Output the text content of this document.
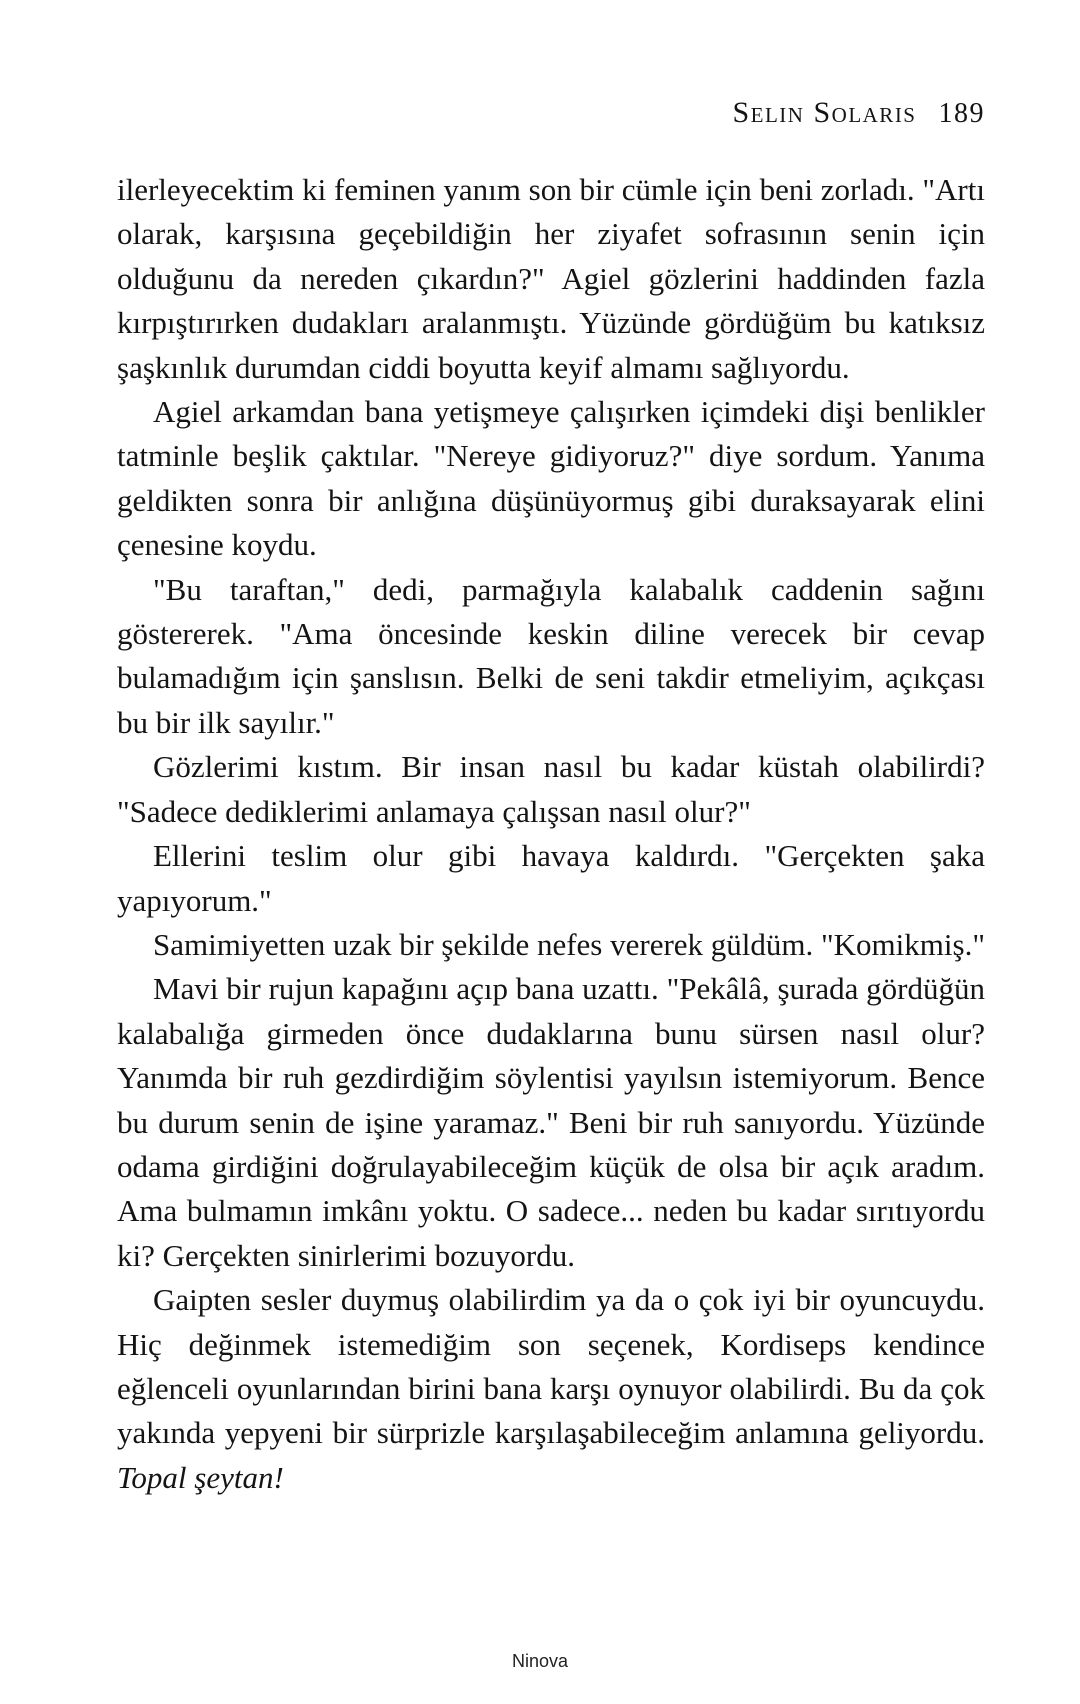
Selin Solaris 189

ilerleyecektim ki feminen yanım son bir cümle için beni zorladı. "Artı olarak, karşısına geçebildiğin her ziyafet sofrasının senin için olduğunu da nereden çıkardın?" Agiel gözlerini haddinden fazla kırpıştırırken dudakları aralanmıştı. Yüzünde gördüğüm bu katıksız şaşkınlık durumdan ciddi boyutta keyif almamı sağlıyordu.

Agiel arkamdan bana yetişmeye çalışırken içimdeki dişi benlikler tatminle beşlik çaktılar. "Nereye gidiyoruz?" diye sordum. Yanıma geldikten sonra bir anlığına düşünüyormuş gibi duraksayarak elini çenesine koydu.

"Bu taraftan," dedi, parmağıyla kalabalık caddenin sağını göstererek. "Ama öncesinde keskin diline verecek bir cevap bulamadığım için şanslısın. Belki de seni takdir etmeliyim, açıkçası bu bir ilk sayılır."

Gözlerimi kıstım. Bir insan nasıl bu kadar küstah olabilirdi? "Sadece dediklerimi anlamaya çalışsan nasıl olur?"

Ellerini teslim olur gibi havaya kaldırdı. "Gerçekten şaka yapıyorum."

Samimiyetten uzak bir şekilde nefes vererek güldüm. "Komikmiş."

Mavi bir rujun kapağını açıp bana uzattı. "Pekâlâ, şurada gördüğün kalabalığa girmeden önce dudaklarına bunu sürsen nasıl olur? Yanımda bir ruh gezdirdiğim söylentisi yayılsın istemiyorum. Bence bu durum senin de işine yaramaz." Beni bir ruh sanıyordu. Yüzünde odama girdiğini doğrulayabileceğim küçük de olsa bir açık aradım. Ama bulmamın imkânı yoktu. O sadece... neden bu kadar sırıtıyordu ki? Gerçekten sinirlerimi bozuyordu.

Gaipten sesler duymuş olabilirdim ya da o çok iyi bir oyuncuydu. Hiç değinmek istemediğim son seçenek, Kordiseps kendince eğlenceli oyunlarından birini bana karşı oynuyor olabilirdi. Bu da çok yakında yepyeni bir sürprizle karşılaşabileceğim anlamına geliyordu. Topal şeytan!

Ninova
